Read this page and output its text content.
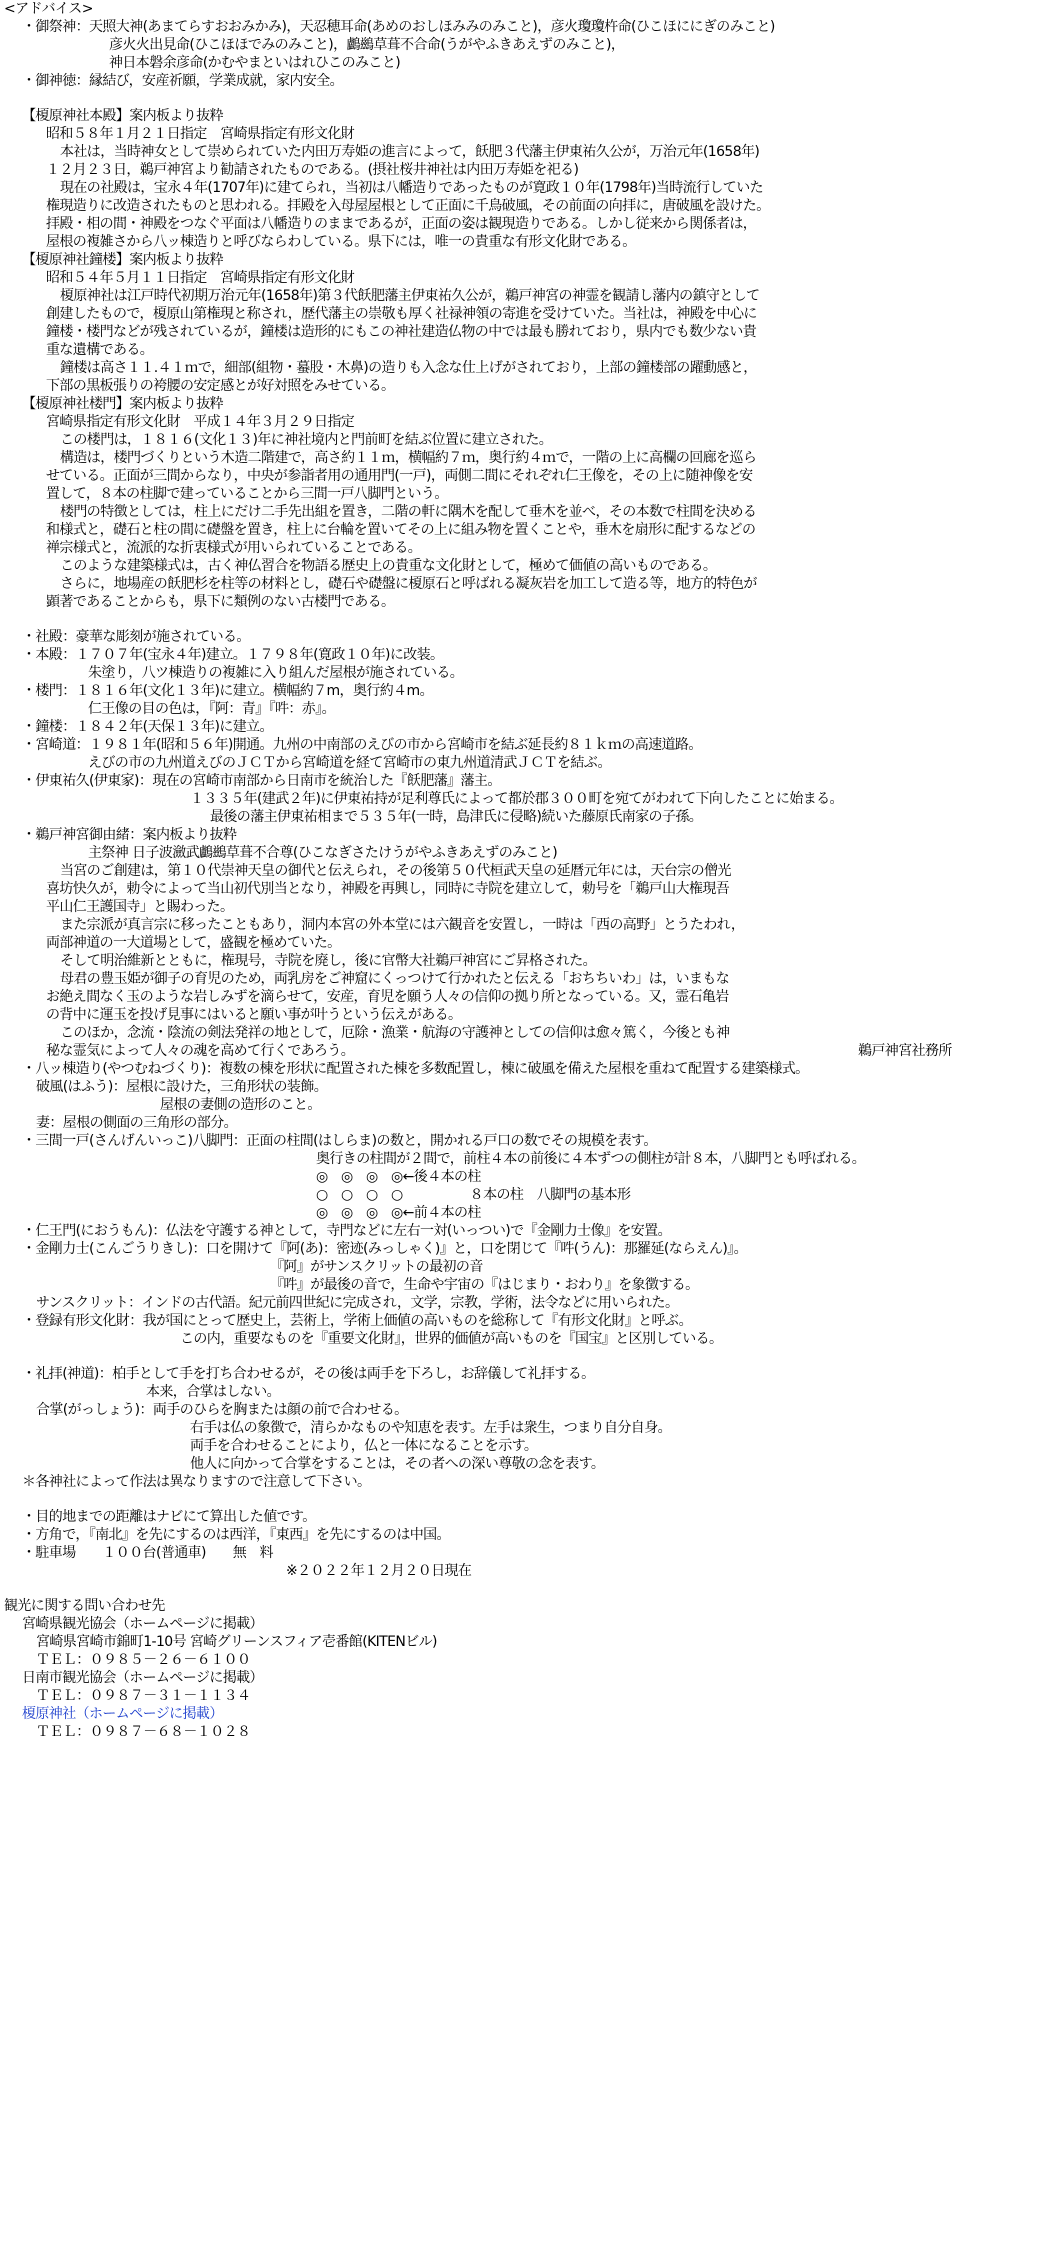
<アドバイス>
・御祭神：天照大神(あまてらすおおみかみ)，天忍穂耳命(あめのおしほみみのみこと)，彦火瓊瓊杵命(ひこほににぎのみこと)
彦火火出見命(ひこほほでみのみこと)，鸕鷀草葺不合命(うがやふきあえずのみこと)，
神日本磐余彦命(かむやまといはれひこのみこと)
・御神徳：縁結び，安産祈願，学業成就，家内安全。
【榎原神社本殿】案内板より抜粋
昭和５８年１月２１日指定　宮崎県指定有形文化財
本社は，当時神女として崇められていた内田万寿姫の進言によって，飫肥３代藩主伊東祐久公が，万治元年(1658年)
１２月２３日，鵜戸神宮より勧請されたものである。(摂社桜井神社は内田万寿姫を祀る)
現在の社殿は，宝永４年(1707年)に建てられ，当初は八幡造りであったものが寛政１０年(1798年)当時流行していた
権現造りに改造されたものと思われる。拝殿を入母屋屋根として正面に千鳥破風，その前面の向拝に，唐破風を設けた。
拝殿・相の間・神殿をつなぐ平面は八幡造りのままであるが，正面の姿は観現造りである。しかし従来から関係者は，
屋根の複雑さから八ッ棟造りと呼びならわしている。県下には，唯一の貴重な有形文化財である。
【榎原神社鐘楼】案内板より抜粋
昭和５４年５月１１日指定　宮崎県指定有形文化財
榎原神社は江戸時代初期万治元年(1658年)第３代飫肥藩主伊東祐久公が，鵜戸神宮の神霊を観請し藩内の鎮守として
創建したもので，榎原山第権現と称され，歴代藩主の崇敬も厚く社禄神領の寄進を受けていた。当社は，神殿を中心に
鐘楼・楼門などが残されているが，鐘楼は造形的にもこの神社建造仏物の中では最も勝れており，県内でも数少ない貴
重な遺構である。
鐘楼は高さ１１.４１ｍで，細部(組物・蟇股・木鼻)の造りも入念な仕上げがされており，上部の鐘楼部の躍動感と，
下部の黒板張りの袴腰の安定感とが好対照をみせている。
【榎原神社楼門】案内板より抜粋
宮崎県指定有形文化財　平成１４年３月２９日指定
この楼門は，１８１６(文化１３)年に神社境内と門前町を結ぶ位置に建立された。
構造は，楼門づくりという木造二階建で，高さ約１１ｍ，横幅約７ｍ，奥行約４ｍで，一階の上に高欄の回廊を巡ら
せている。正面が三間からなり，中央が参詣者用の通用門(一戸)，両側二間にそれぞれ仁王像を，その上に随神像を安
置して，８本の柱脚で建っていることから三間一戸八脚門という。
楼門の特徴としては，柱上にだけ二手先出組を置き，二階の軒に隅木を配して垂木を並べ，その本数で柱間を決める
和様式と，礎石と柱の間に礎盤を置き，柱上に台輪を置いてその上に組み物を置くことや，垂木を扇形に配するなどの
禅宗様式と，流派的な折衷様式が用いられていることである。
このような建築様式は，古く神仏習合を物語る歴史上の貴重な文化財として，極めて価値の高いものである。
さらに，地場産の飫肥杉を柱等の材料とし，礎石や礎盤に榎原石と呼ばれる凝灰岩を加工して造る等，地方的特色が
顕著であることからも，県下に類例のない古楼門である。
・社殿：豪華な彫刻が施されている。
・本殿：１７０７年(宝永４年)建立。１７９８年(寛政１０年)に改装。
朱塗り，八ツ棟造りの複雑に入り組んだ屋根が施されている。
・楼門：１８１６年(文化１３年)に建立。横幅約７m，奥行約４m。
仁王像の目の色は，『阿：青』『吽：赤』。
・鐘楼：１８４２年(天保１３年)に建立。
・宮崎道：１９８１年(昭和５６年)開通。九州の中南部のえびの市から宮崎市を結ぶ延長約８１ｋｍの高速道路。
えびの市の九州道えびのＪＣＴから宮崎道を経て宮崎市の東九州道清武ＪＣＴを結ぶ。
・伊東祐久(伊東家)：現在の宮崎市南部から日南市を統治した『飫肥藩』藩主。
１３３５年(建武２年)に伊東祐持が足利尊氏によって都於郡３００町を宛てがわれて下向したことに始まる。
最後の藩主伊東祐相まで５３５年(一時，島津氏に侵略)続いた藤原氏南家の子孫。
・鵜戸神宮御由緒：案内板より抜粋
主祭神 日子波瀲武鸕鷀草葺不合尊(ひこなぎさたけうがやふきあえずのみこと)
当宮のご創建は，第１０代崇神天皇の御代と伝えられ，その後第５０代桓武天皇の延暦元年には，天台宗の僧光
喜坊快久が，勅令によって当山初代別当となり，神殿を再興し，同時に寺院を建立して，勅号を「鵜戸山大権現吾
平山仁王護国寺」と賜わった。
また宗派が真言宗に移ったこともあり，洞内本宮の外本堂には六観音を安置し，一時は「西の高野」とうたわれ，
両部神道の一大道場として，盛観を極めていた。
そして明治維新とともに，権現号，寺院を廃し，後に官幣大社鵜戸神宮にご昇格された。
母君の豊玉姫が御子の育児のため，両乳房をご神窟にくっつけて行かれたと伝える「おちちいわ」は，いまもな
お絶え間なく玉のような岩しみずを滴らせて，安産，育児を願う人々の信仰の拠り所となっている。又，霊石亀岩
の背中に運玉を投げ見事にはいると願い事が叶うという伝えがある。
このほか，念流・陰流の剣法発祥の地として，厄除・漁業・航海の守護神としての信仰は愈々篤く，今後とも神
秘な霊気によって人々の魂を高めて行くであろう。	鵜戸神宮社務所
・八ッ棟造り(やつむねづくり)：複数の棟を形状に配置された棟を多数配置し，棟に破風を備えた屋根を重ねて配置する建築様式。
破風(はふう)：屋根に設けた，三角形状の装飾。
屋根の妻側の造形のこと。
妻：屋根の側面の三角形の部分。
・三間一戸(さんげんいっこ)八脚門：正面の柱間(はしらま)の数と，開かれる戸口の数でその規模を表す。
奥行きの柱間が２間で，前柱４本の前後に４本ずつの側柱が計８本，八脚門とも呼ばれる。
◎　◎　◎　◎←後４本の柱
○　○　○　○　　　　　８本の柱　八脚門の基本形
◎　◎　◎　◎←前４本の柱
・仁王門(におうもん)：仏法を守護する神として，寺門などに左右一対(いっつい)で『金剛力士像』を安置。
・金剛力士(こんごうりきし)：口を開けて『阿(あ)：密迹(みっしゃく)』と，口を閉じて『吽(うん)：那羅延(ならえん)』。
『阿』がサンスクリットの最初の音
『吽』が最後の音で，生命や宇宙の『はじまり・おわり』を象徴する。
サンスクリット：インドの古代語。紀元前四世紀に完成され，文学，宗教，学術，法令などに用いられた。
・登録有形文化財：我が国にとって歴史上，芸術上，学術上価値の高いものを総称して『有形文化財』と呼ぶ。
この内，重要なものを『重要文化財』，世界的価値が高いものを『国宝』と区別している。
・礼拝(神道)：柏手として手を打ち合わせるが，その後は両手を下ろし，お辞儀して礼拝する。
本来，合掌はしない。
合掌(がっしょう)：両手のひらを胸または顔の前で合わせる。
右手は仏の象徴で，清らかなものや知恵を表す。左手は衆生，つまり自分自身。
両手を合わせることにより，仏と一体になることを示す。
他人に向かって合掌をすることは，その者への深い尊敬の念を表す。
＊各神社によって作法は異なりますので注意して下さい。
・目的地までの距離はナビにて算出した値です。
・方角で，『南北』を先にするのは西洋，『東西』を先にするのは中国。
・駐車場　　１００台(普通車)　　無　料
※２０２２年１２月２０日現在
観光に関する問い合わせ先
宮崎県観光協会（ホームページに掲載）
宮崎県宮崎市錦町1-10号 宮崎グリーンスフィア壱番館(KITENビル)
ＴＥＬ：０９８５－２６－６１００
日南市観光協会（ホームページに掲載）
ＴＥＬ：０９８７－３１－１１３４
榎原神社（ホームページに掲載）
ＴＥＬ：０９８７－６８－１０２８
